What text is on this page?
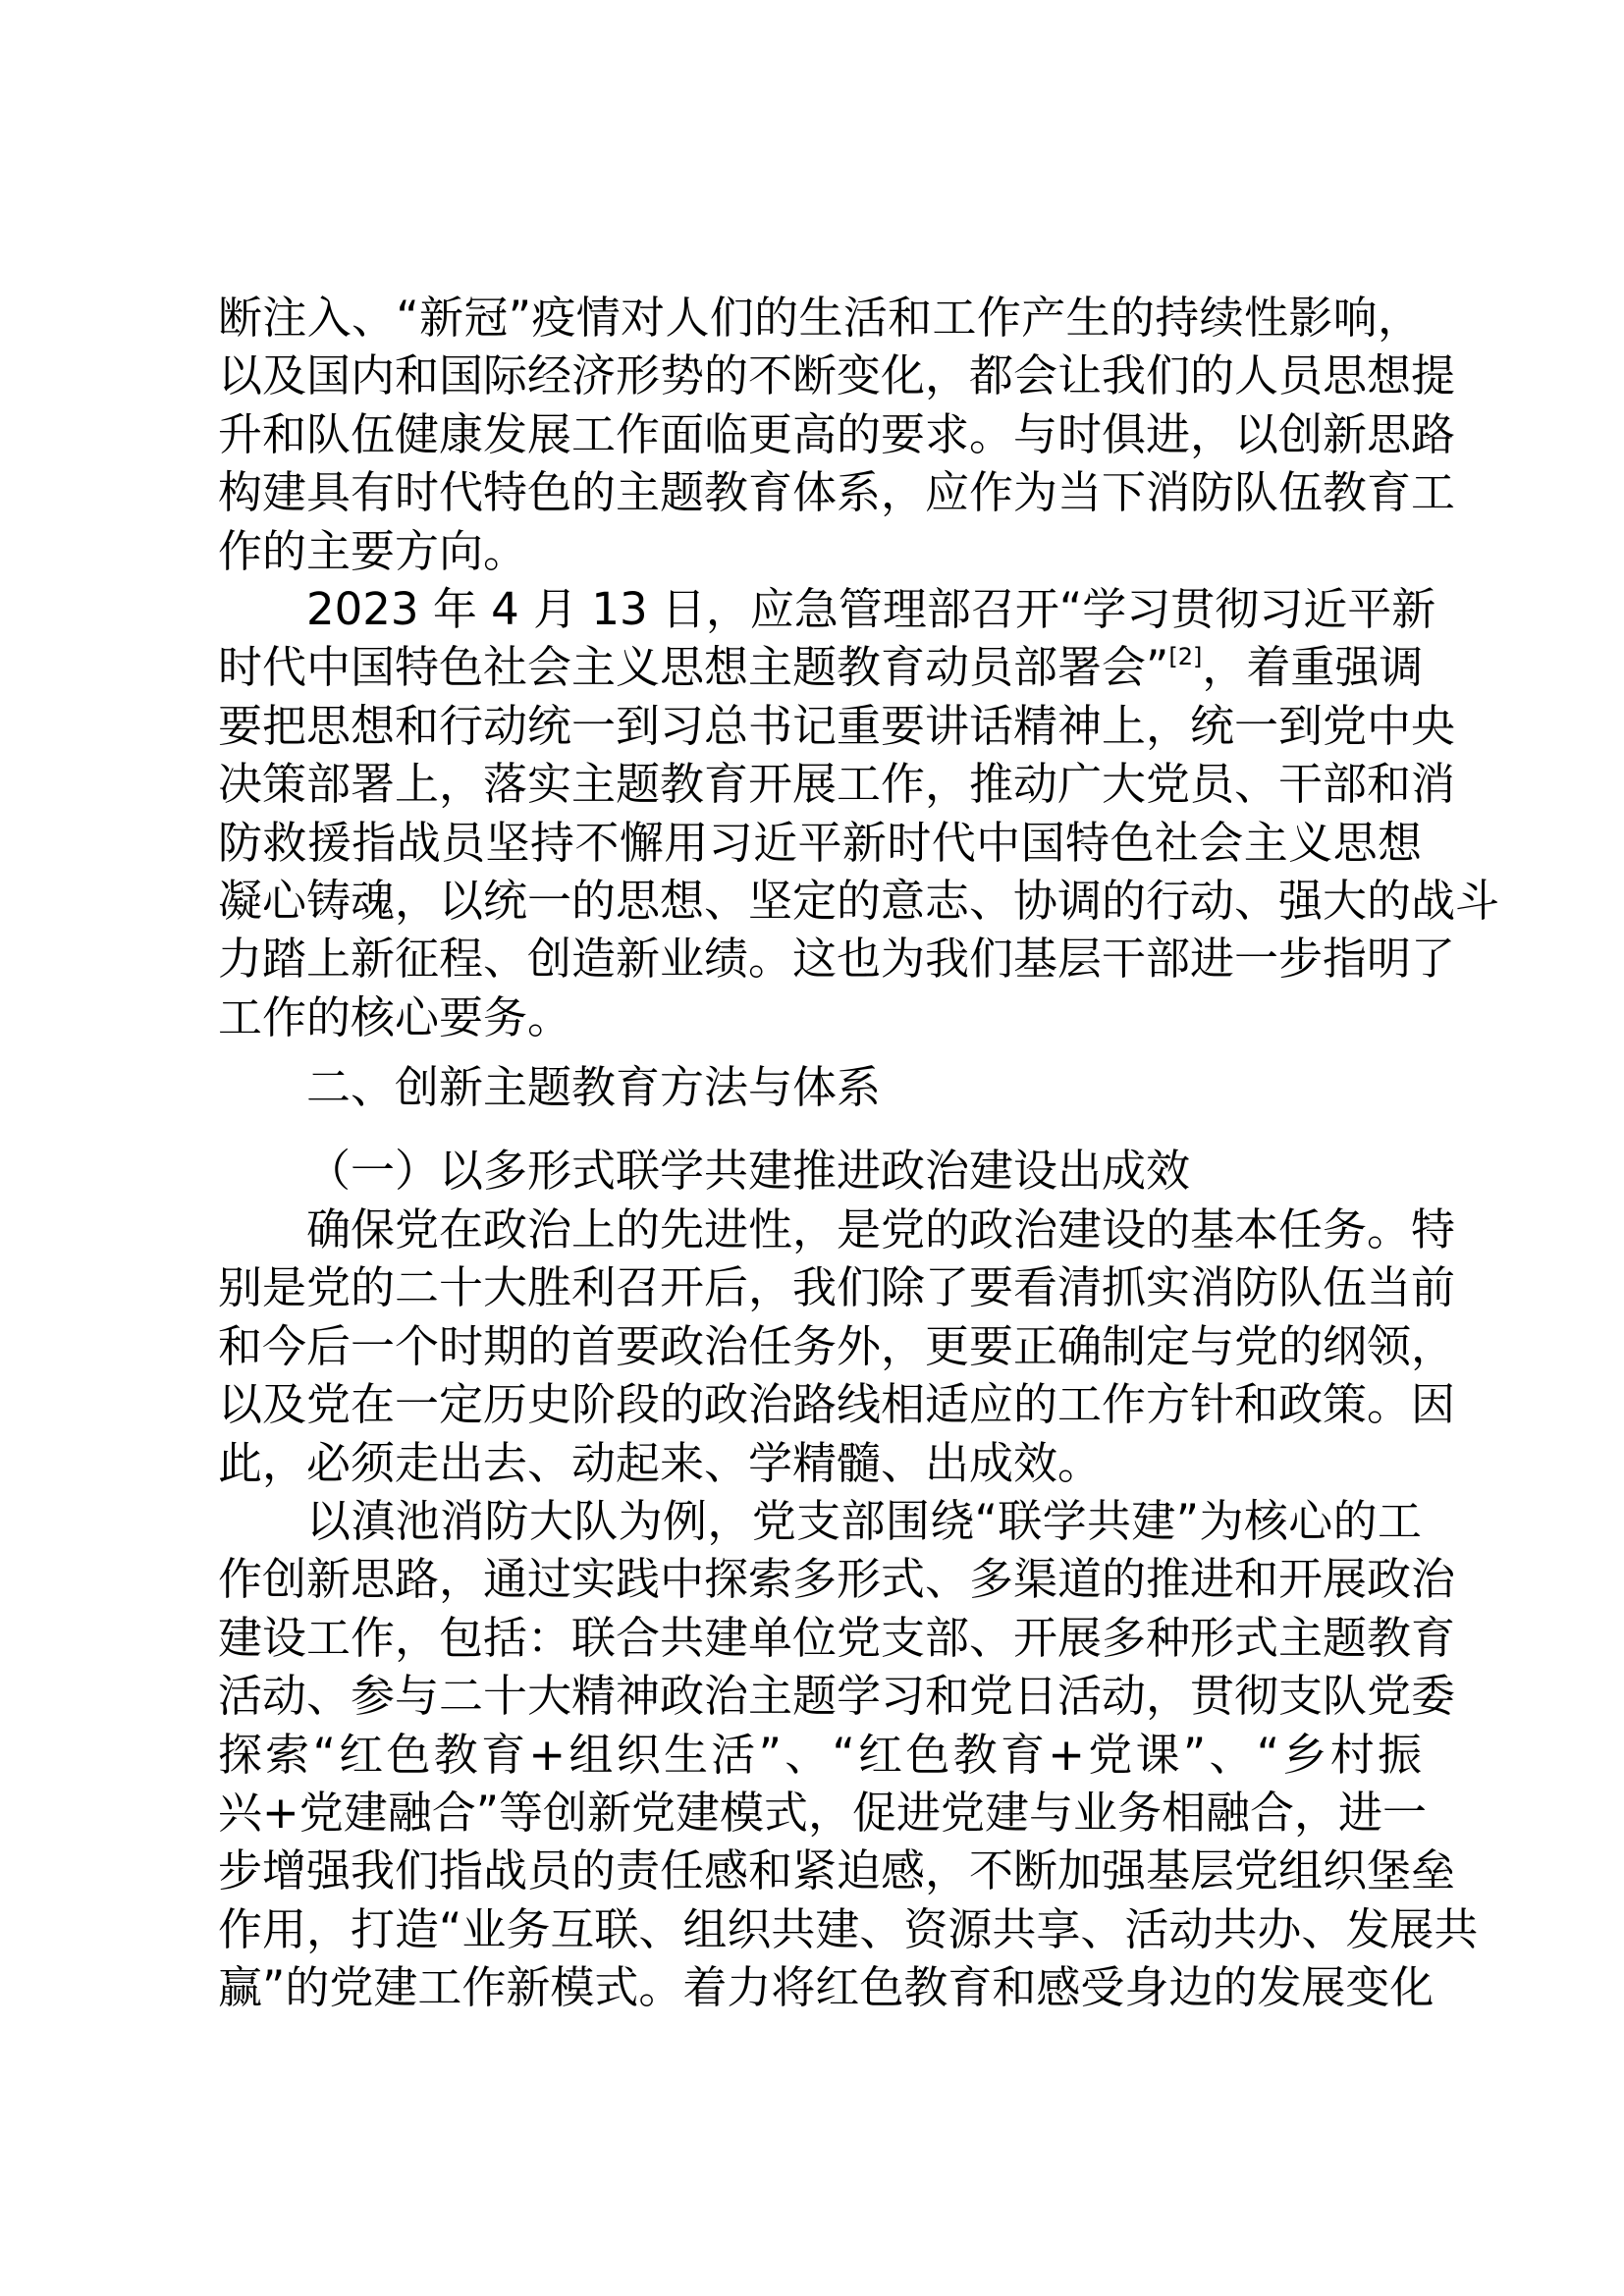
断注入、“新冠”疫情对人们的生活和工作产生的持续性影响，
以及国内和国际经济形势的不断变化，都会让我们的人员思想提
升和队伍健康发展工作面临更高的要求。与时俱进，以创新思路
构建具有时代特色的主题教育体系，应作为当下消防队伍教育工
作的主要方向。
2023 年 4 月 13 日，应急管理部召开“学习贯彻习近平新
时代中国特色社会主义思想主题教育动员部署会”[2]，着重强调
要把思想和行动统一到习总书记重要讲话精神上，统一到党中央
决策部署上，落实主题教育开展工作，推动广大党员、干部和消
防救援指战员坚持不懈用习近平新时代中国特色社会主义思想
凝心铸魂，以统一的思想、坚定的意志、协调的行动、强大的战斗
力踏上新征程、创造新业绩。这也为我们基层干部进一步指明了
工作的核心要务。
二、创新主题教育方法与体系
（一）以多形式联学共建推进政治建设出成效
确保党在政治上的先进性，是党的政治建设的基本任务。特
别是党的二十大胜利召开后，我们除了要看清抓实消防队伍当前
和今后一个时期的首要政治任务外，更要正确制定与党的纲领，
以及党在一定历史阶段的政治路线相适应的工作方针和政策。因
此，必须走出去、动起来、学精髓、出成效。
以滇池消防大队为例，党支部围绕“联学共建”为核心的工
作创新思路，通过实践中探索多形式、多渠道的推进和开展政治
建设工作，包括：联合共建单位党支部、开展多种形式主题教育
活动、参与二十大精神政治主题学习和党日活动，贯彻支队党委
探索“红色教育+组织生活”、“红色教育+党课”、“乡村振
兴+党建融合”等创新党建模式，促进党建与业务相融合，进一
步增强我们指战员的责任感和紧迫感，不断加强基层党组织堡垒
作用，打造“业务互联、组织共建、资源共享、活动共办、发展共
赢”的党建工作新模式。着力将红色教育和感受身边的发展变化
